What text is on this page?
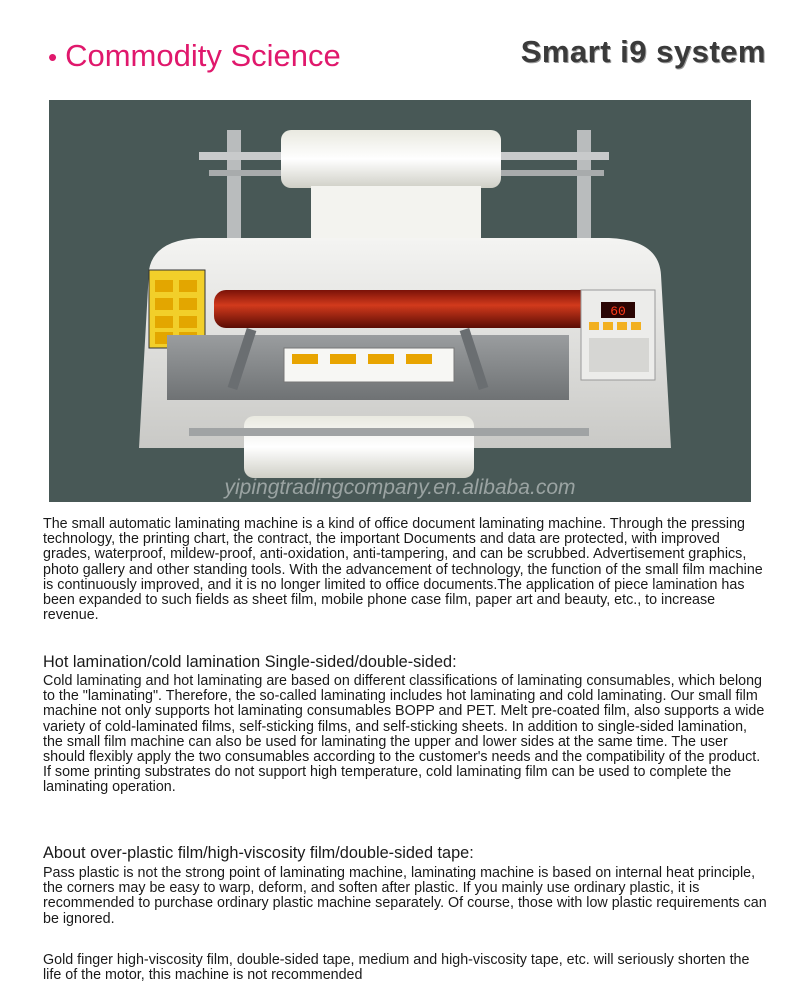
• Commodity Science	Smart i9 system
60
yipingtradingcompany.en.alibaba.com
The small automatic laminating machine is a kind of office document laminating machine. Through the pressing technology, the printing chart, the contract, the important Documents and data are protected, with improved grades, waterproof, mildew-proof, anti-oxidation, anti-tampering, and can be scrubbed. Advertisement graphics, photo gallery and other standing tools. With the advancement of technology, the function of the small film machine is continuously improved, and it is no longer limited to office documents.The application of piece lamination has been expanded to such fields as sheet film, mobile phone case film, paper art and beauty, etc., to increase revenue.
Hot lamination/cold lamination Single-sided/double-sided:
Cold laminating and hot laminating are based on different classifications of laminating consumables, which belong to the "laminating". Therefore, the so-called laminating includes hot laminating and cold laminating. Our small film machine not only supports hot laminating consumables BOPP and PET. Melt pre-coated film, also supports a wide variety of cold-laminated films, self-sticking films, and self-sticking sheets. In addition to single-sided lamination, the small film machine can also be used for laminating the upper and lower sides at the same time. The user should flexibly apply the two consumables according to the customer's needs and the compatibility of the product. If some printing substrates do not support high temperature, cold laminating film can be used to complete the laminating operation.
About over-plastic film/high-viscosity film/double-sided tape:
Pass plastic is not the strong point of laminating machine, laminating machine is based on internal heat principle, the corners may be easy to warp, deform, and soften after plastic. If you mainly use ordinary plastic, it is recommended to purchase ordinary plastic machine separately. Of course, those with low plastic requirements can be ignored.
Gold finger high-viscosity film, double-sided tape, medium and high-viscosity tape, etc. will seriously shorten the life of the motor, this machine is not recommended
